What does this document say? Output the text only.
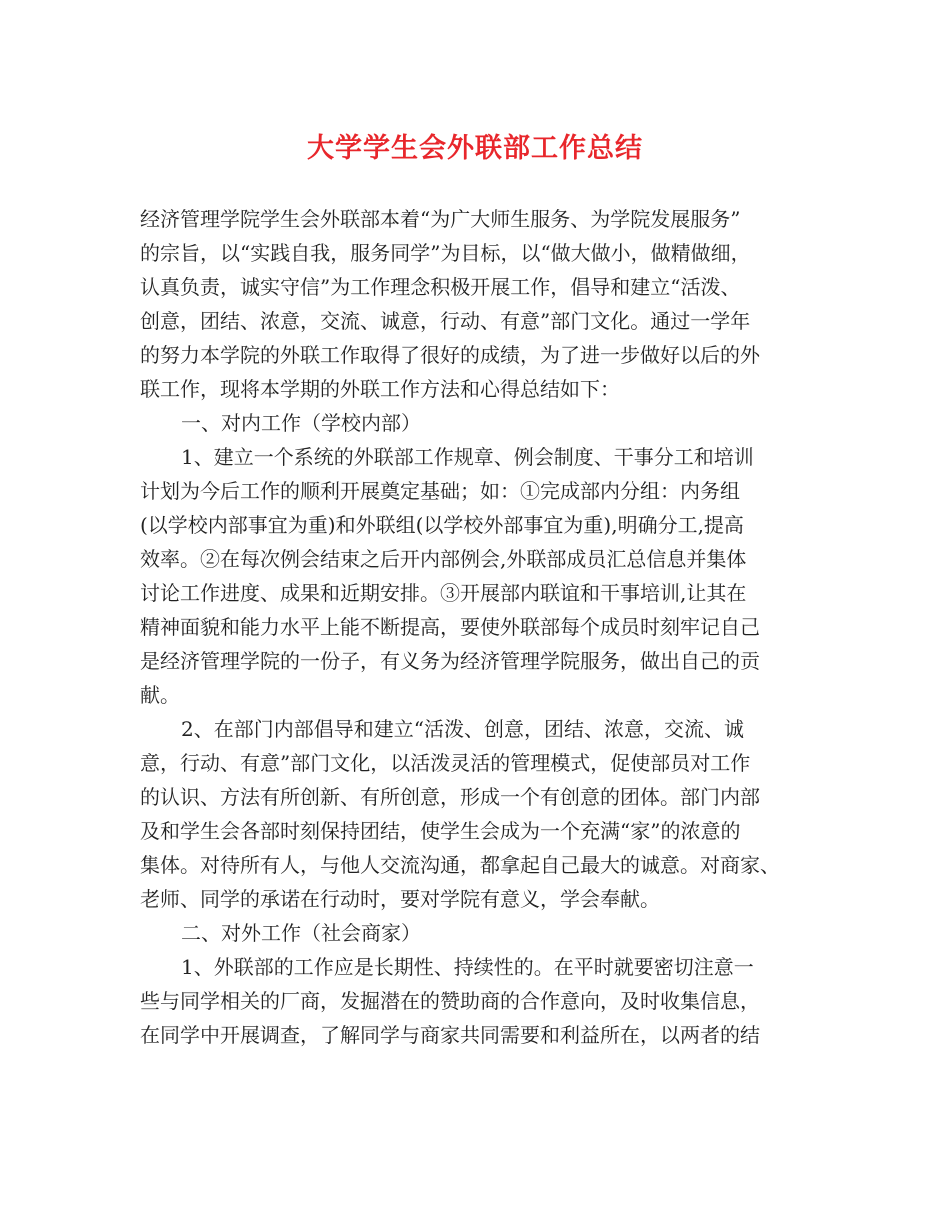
大学学生会外联部工作总结
经济管理学院学生会外联部本着“为广大师生服务、为学院发展服务”
的宗旨，以“实践自我，服务同学”为目标，以“做大做小，做精做细，
认真负责，诚实守信”为工作理念积极开展工作，倡导和建立“活泼、
创意，团结、浓意，交流、诚意，行动、有意”部门文化。通过一学年
的努力本学院的外联工作取得了很好的成绩，为了进一步做好以后的外
联工作，现将本学期的外联工作方法和心得总结如下：
一、对内工作（学校内部）
1、建立一个系统的外联部工作规章、例会制度、干事分工和培训
计划为今后工作的顺利开展奠定基础；如：①完成部内分组：内务组
(以学校内部事宜为重)和外联组(以学校外部事宜为重),明确分工,提高
效率。②在每次例会结束之后开内部例会,外联部成员汇总信息并集体
讨论工作进度、成果和近期安排。③开展部内联谊和干事培训,让其在
精神面貌和能力水平上能不断提高，要使外联部每个成员时刻牢记自己
是经济管理学院的一份子，有义务为经济管理学院服务，做出自己的贡
献。
2、在部门内部倡导和建立“活泼、创意，团结、浓意，交流、诚
意，行动、有意”部门文化，以活泼灵活的管理模式，促使部员对工作
的认识、方法有所创新、有所创意，形成一个有创意的团体。部门内部
及和学生会各部时刻保持团结，使学生会成为一个充满“家”的浓意的
集体。对待所有人，与他人交流沟通，都拿起自己最大的诚意。对商家、
老师、同学的承诺在行动时，要对学院有意义，学会奉献。
二、对外工作（社会商家）
1、外联部的工作应是长期性、持续性的。在平时就要密切注意一
些与同学相关的厂商，发掘潜在的赞助商的合作意向，及时收集信息，
在同学中开展调查，了解同学与商家共同需要和利益所在，以两者的结
